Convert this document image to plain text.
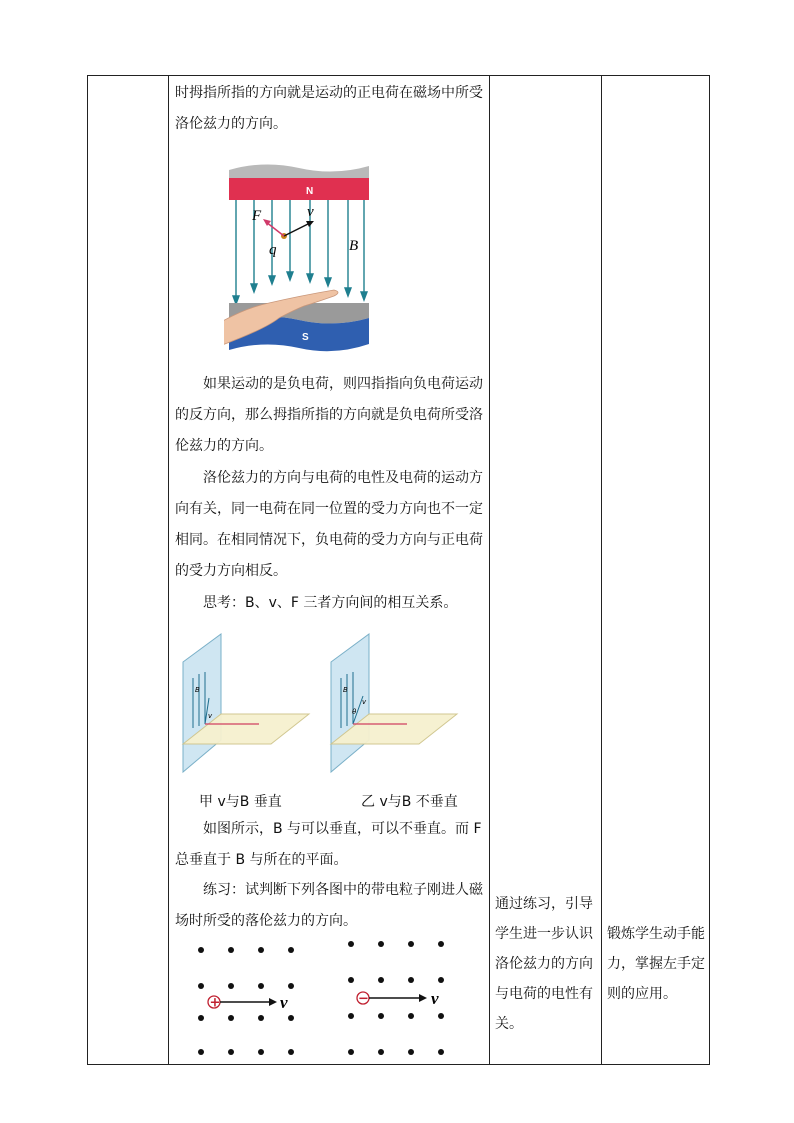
时拇指所指的方向就是运动的正电荷在磁场中所受洛伦兹力的方向。
N
S
F	v
q	B
如果运动的是负电荷，则四指指向负电荷运动的反方向，那么拇指所指的方向就是负电荷所受洛伦兹力的方向。
洛伦兹力的方向与电荷的电性及电荷的运动方向有关，同一电荷在同一位置的受力方向也不一定相同。在相同情况下，负电荷的受力方向与正电荷的受力方向相反。
思考：B、v、F 三者方向间的相互关系。
B
v
B
v
θ
甲 v与B 垂直	乙 v与B 不垂直
如图所示，B 与可以垂直，可以不垂直。而 F 总垂直于 B 与所在的平面。
练习：试判断下列各图中的带电粒子刚进人磁场时所受的落伦兹力的方向。
+	v	−	v

通过练习，引导学生进一步认识洛伦兹力的方向与电荷的电性有关。

锻炼学生动手能力，掌握左手定则的应用。
